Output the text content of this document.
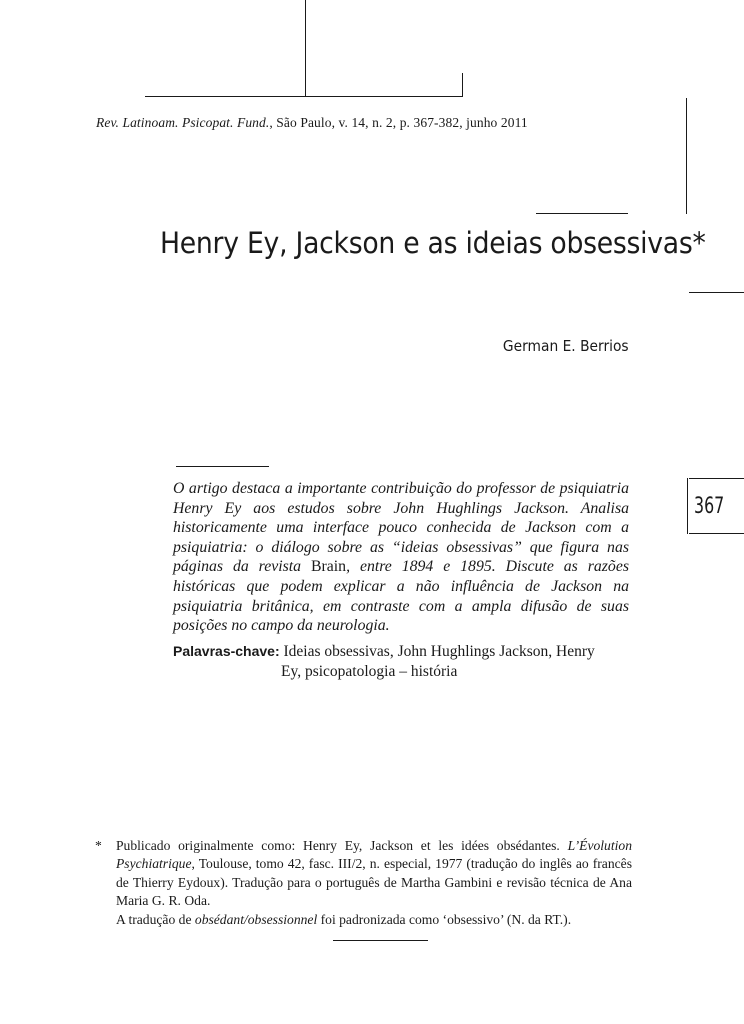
Rev. Latinoam. Psicopat. Fund., São Paulo, v. 14, n. 2, p. 367-382, junho 2011
Henry Ey, Jackson e as ideias obsessivas*
German E. Berrios
367

O artigo destaca a importante contribuição do professor de psiquiatria Henry Ey aos estudos sobre John Hughlings Jackson. Analisa historicamente uma interface pouco conhecida de Jackson com a psiquiatria: o diálogo sobre as “ideias obsessivas” que figura nas páginas da revista Brain, entre 1894 e 1895. Discute as razões históricas que podem explicar a não influência de Jackson na psiquiatria britânica, em contraste com a ampla difusão de suas posições no campo da neurologia.

Palavras-chave: Ideias obsessivas, John Hughlings Jackson, Henry
Ey, psicopatologia – história
* Publicado originalmente como: Henry Ey, Jackson et les idées obsédantes. L’Évolution Psychiatrique, Toulouse, tomo 42, fasc. III/2, n. especial, 1977 (tradução do inglês ao francês de Thierry Eydoux). Tradução para o português de Martha Gambini e revisão técnica de Ana Maria G. R. Oda.
A tradução de obsédant/obsessionnel foi padronizada como ‘obsessivo’ (N. da RT.).
